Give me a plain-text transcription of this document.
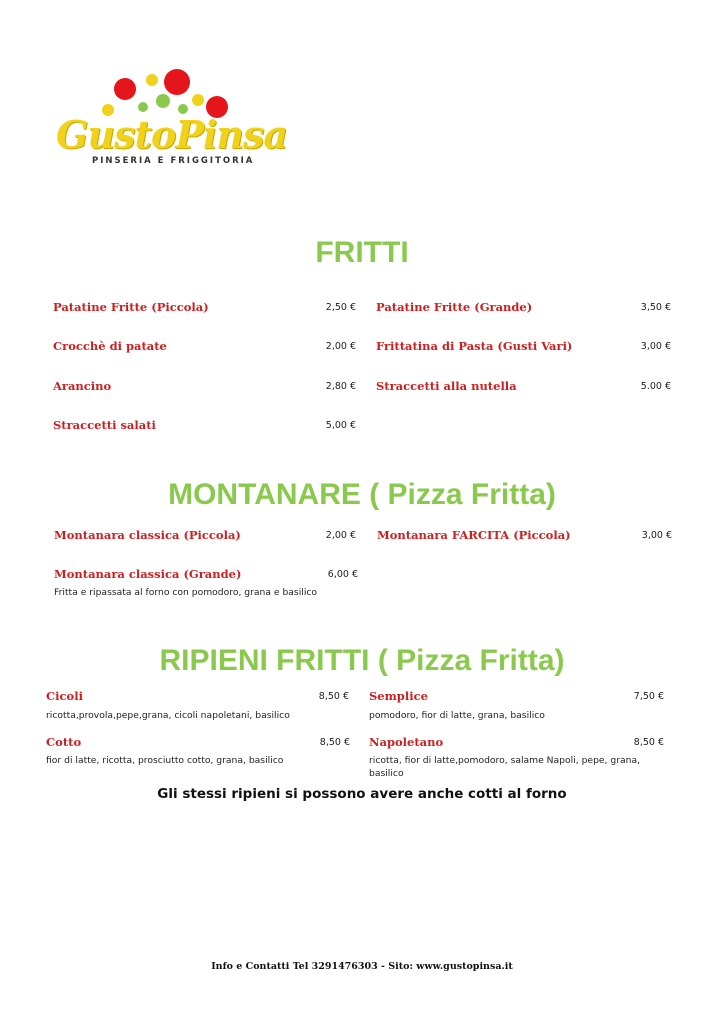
GustoPinsa
PINSERIA E FRIGGITORIA
FRITTI
Patatine Fritte (Piccola)	2,50 € Patatine Fritte (Grande)	3,50 €
Crocchè di patate	2,00 € Frittatina di Pasta (Gusti Vari)	3,00 €
Arancino	2,80 € Straccetti alla nutella	5.00 €
Straccetti salati	5,00 €
MONTANARE ( Pizza Fritta)
Montanara classica (Piccola)	2,00 € Montanara FARCITA (Piccola)	3,00 €
Montanara classica (Grande)	6,00 €
Fritta e ripassata al forno con pomodoro, grana e basilico
RIPIENI FRITTI ( Pizza Fritta)
Cicoli	8,50 €
ricotta,provola,pepe,grana, cicoli napoletani, basilico
Semplice	7,50 €
pomodoro, fior di latte, grana, basilico
Cotto	8,50 €
fior di latte, ricotta, prosciutto cotto, grana, basilico
Napoletano	8,50 €
ricotta, fior di latte,pomodoro, salame Napoli, pepe, grana, basilico
Gli stessi ripieni si possono avere anche cotti al forno
Info e Contatti Tel 3291476303 - Sito: www.gustopinsa.it
